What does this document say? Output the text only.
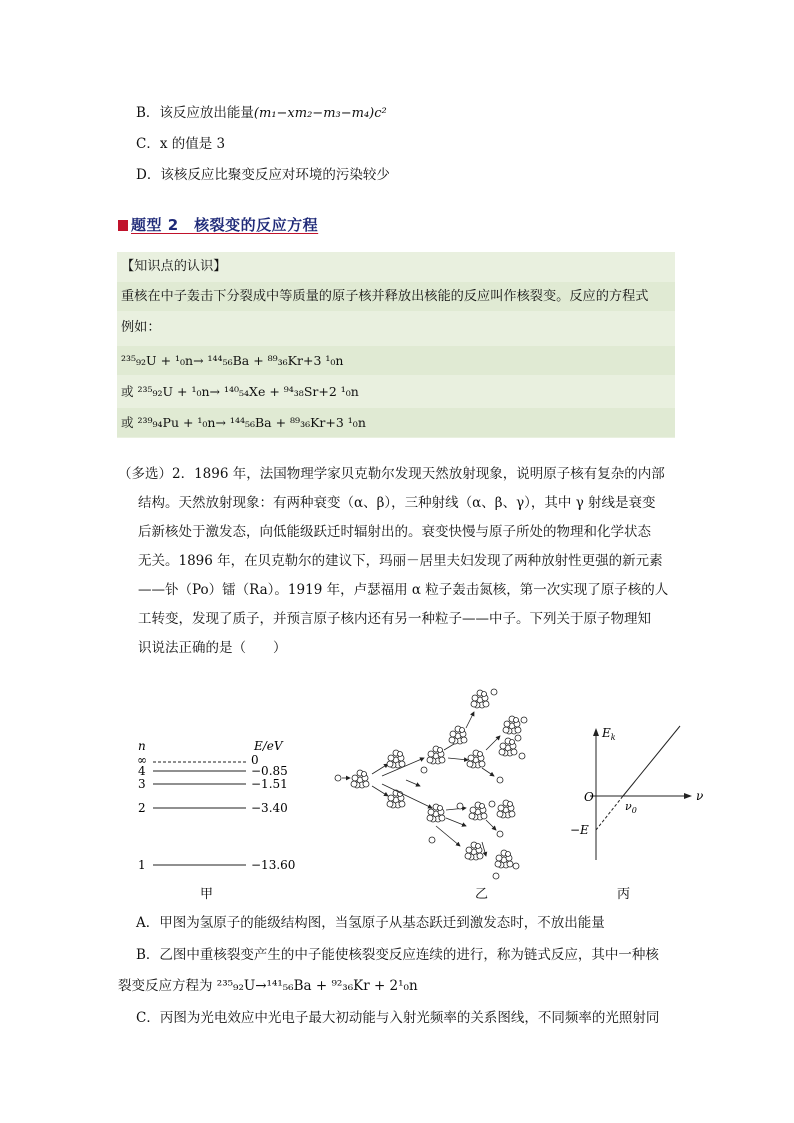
B．该反应放出能量(m₁−xm₂−m₃−m₄)c²
C．x 的值是 3
D．该核反应比聚变反应对环境的污染较少
题型 2　核裂变的反应方程
【知识点的认识】
重核在中子轰击下分裂成中等质量的原子核并释放出核能的反应叫作核裂变。反应的方程式
例如：
²³⁵₉₂U + ¹₀n→ ¹⁴⁴₅₆Ba + ⁸⁹₃₆Kr+3 ¹₀n
或 ²³⁵₉₂U + ¹₀n→ ¹⁴⁰₅₄Xe + ⁹⁴₃₈Sr+2 ¹₀n
或 ²³⁹₉₄Pu + ¹₀n→ ¹⁴⁴₅₆Ba + ⁸⁹₃₆Kr+3 ¹₀n
（多选）2．1896 年，法国物理学家贝克勒尔发现天然放射现象，说明原子核有复杂的内部
结构。天然放射现象：有两种衰变（α、β），三种射线（α、β、γ），其中 γ 射线是衰变
后新核处于激发态，向低能级跃迁时辐射出的。衰变快慢与原子所处的物理和化学状态
无关。1896 年，在贝克勒尔的建议下，玛丽－居里夫妇发现了两种放射性更强的新元素
——钋（Po）镭（Ra）。1919 年，卢瑟福用 α 粒子轰击氮核，第一次实现了原子核的人
工转变，发现了质子，并预言原子核内还有另一种粒子——中子。下列关于原子物理知
识说法正确的是（　　）
n	E/eV
∞	0
4	−0.85
3	−1.51
2	−3.40
1	−13.60
甲	乙
$E_k$
ν
O
$\nu_0$
−E
丙
A．甲图为氢原子的能级结构图，当氢原子从基态跃迁到激发态时，不放出能量
B．乙图中重核裂变产生的中子能使核裂变反应连续的进行，称为链式反应，其中一种核
裂变反应方程为 ²³⁵₉₂U→¹⁴¹₅₆Ba + ⁹²₃₆Kr + 2¹₀n
C．丙图为光电效应中光电子最大初动能与入射光频率的关系图线，不同频率的光照射同
